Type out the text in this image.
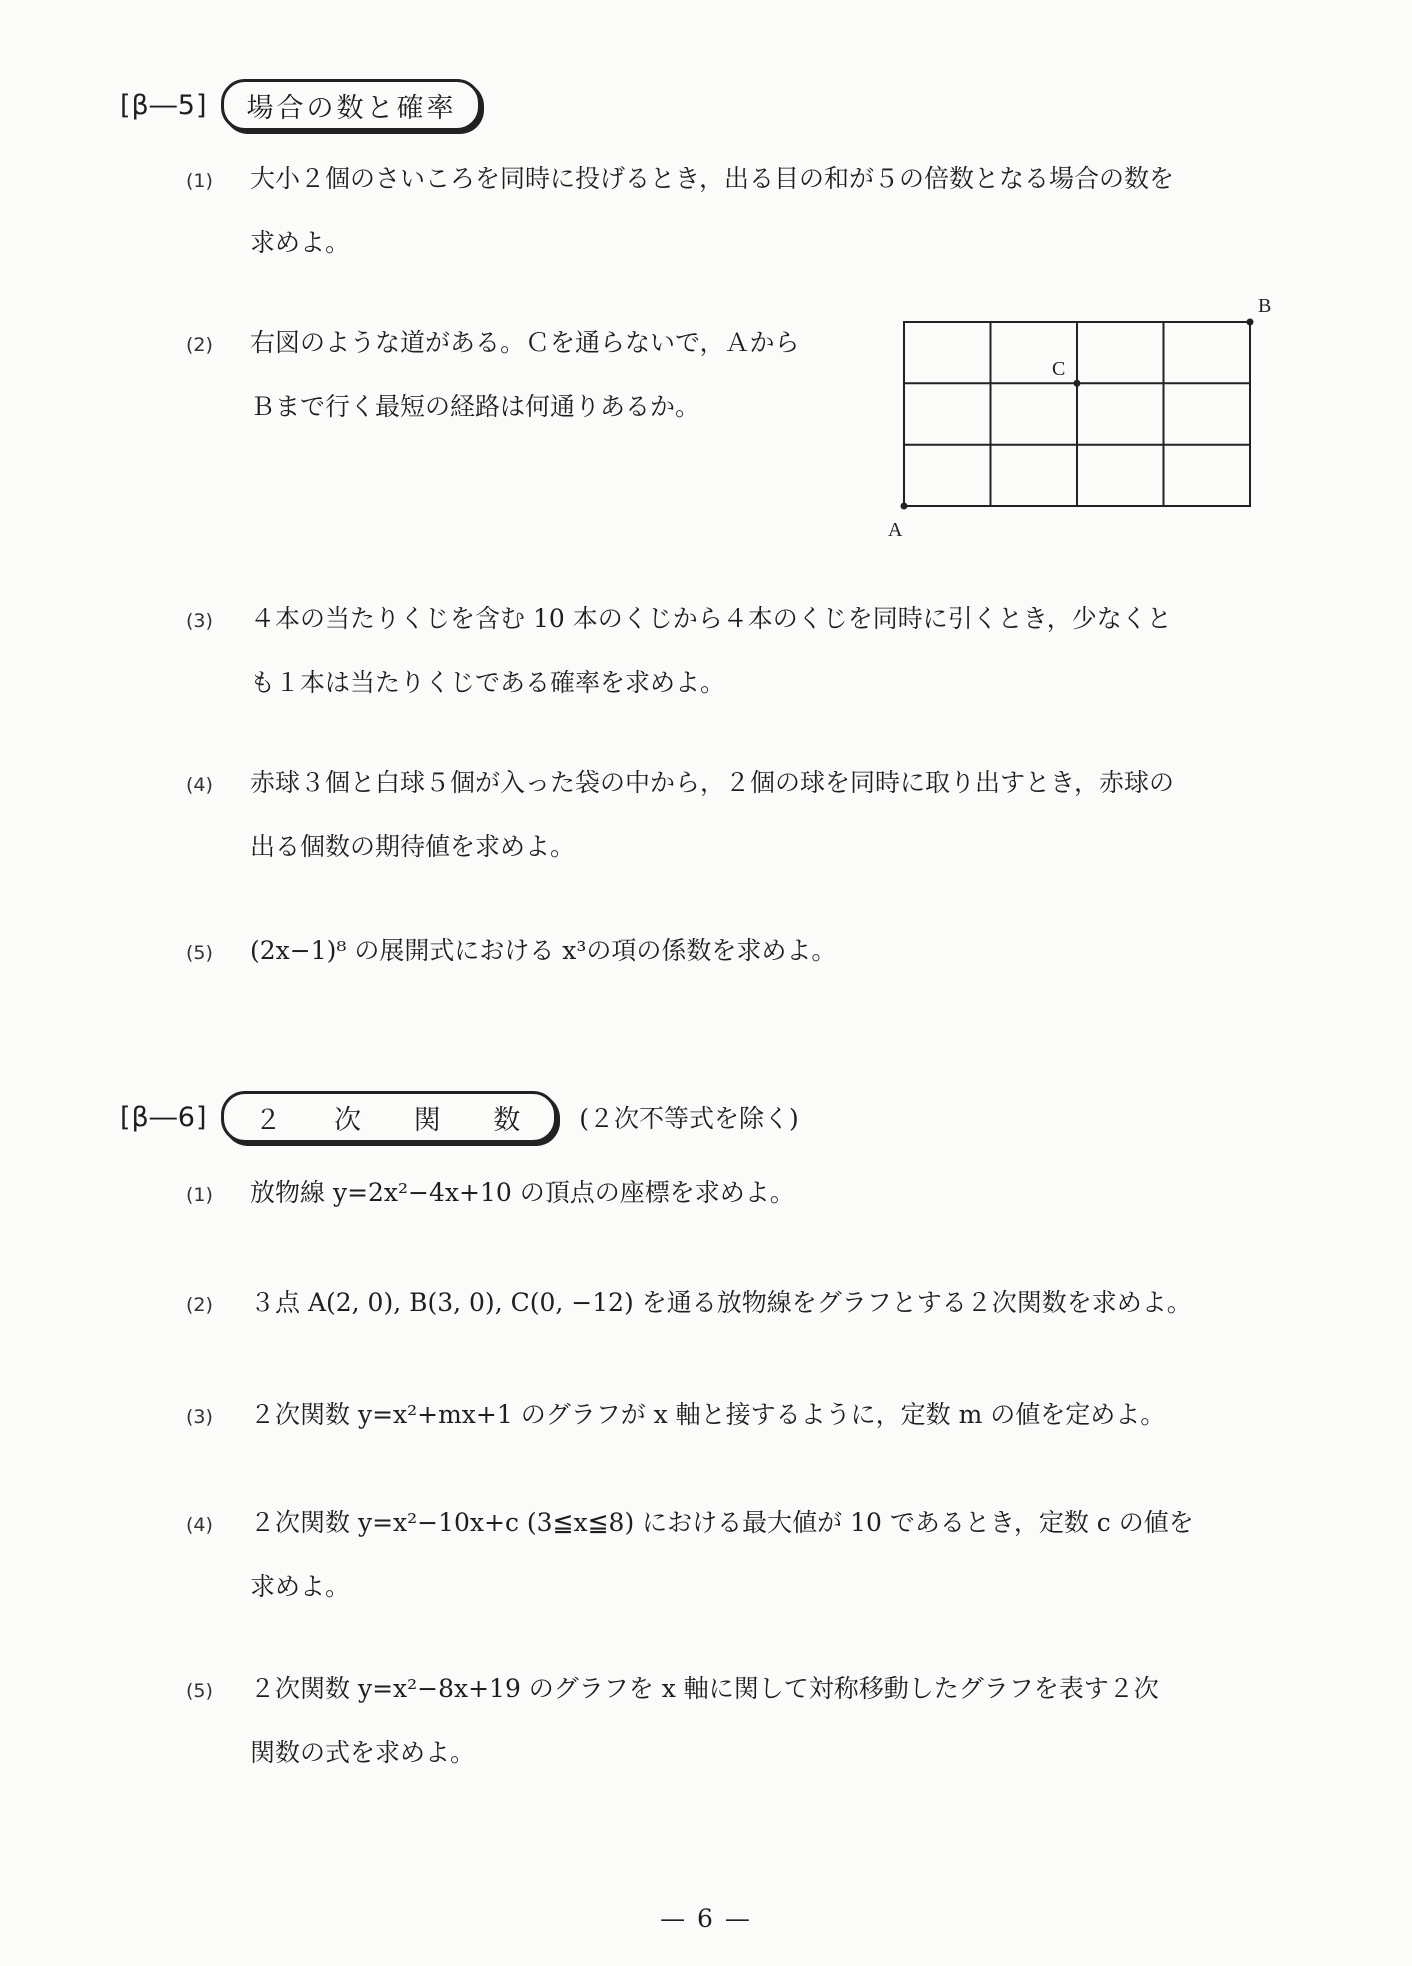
[β―5]	場合の数と確率
(1)	大小２個のさいころを同時に投げるとき，出る目の和が５の倍数となる場合の数を
求めよ。
(2)	右図のような道がある。Ｃを通らないで，Ａから
Ｂまで行く最短の経路は何通りあるか。
A
B
C
(3)	４本の当たりくじを含む 10 本のくじから４本のくじを同時に引くとき，少なくと
も１本は当たりくじである確率を求めよ。
(4)	赤球３個と白球５個が入った袋の中から，２個の球を同時に取り出すとき，赤球の
出る個数の期待値を求めよ。
(5)	(2x−1)⁸ の展開式における x³の項の係数を求めよ。
[β―6]	２ 次 関 数	(２次不等式を除く)
(1)	放物線 y=2x²−4x+10 の頂点の座標を求めよ。
(2)	３点 A(2, 0), B(3, 0), C(0, −12) を通る放物線をグラフとする２次関数を求めよ。
(3)	２次関数 y=x²+mx+1 のグラフが x 軸と接するように，定数 m の値を定めよ。
(4)	２次関数 y=x²−10x+c (3≦x≦8) における最大値が 10 であるとき，定数 c の値を
求めよ。
(5)	２次関数 y=x²−8x+19 のグラフを x 軸に関して対称移動したグラフを表す２次
関数の式を求めよ。
— 6 —
